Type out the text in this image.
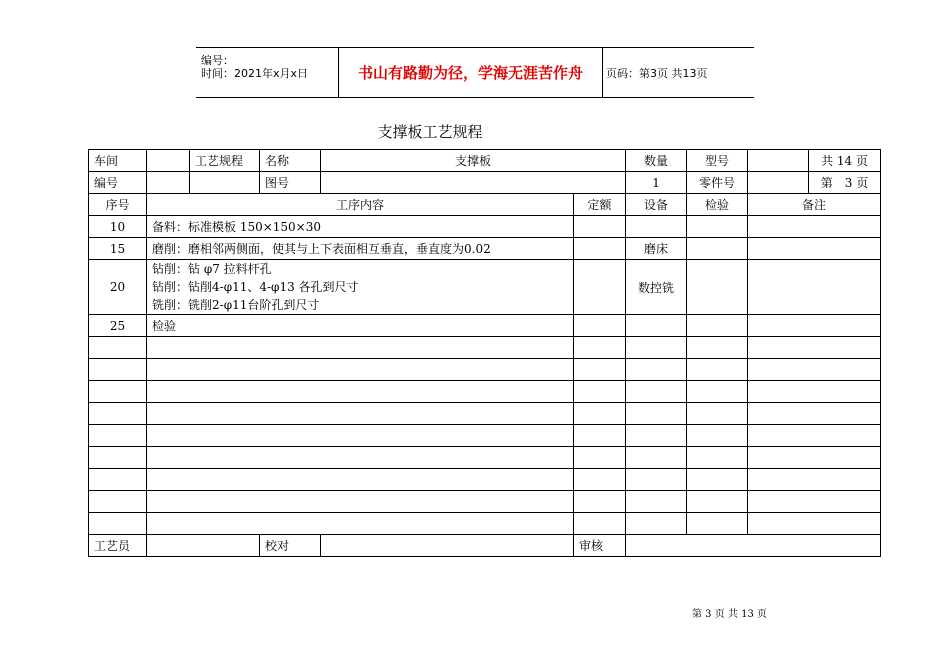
编号：
时间：2021年x月x日	书山有路勤为径，学海无涯苦作舟	页码：第3页 共13页
支撑板工艺规程
车间		工艺规程	名称	支撑板		数量	型号		共 14 页
编号			图号			1	零件号		第　3 页
序号	工序内容				定额	设备	检验	备注	
10	备料：标准模板 150×150×30								

15	磨削：磨相邻两侧面，使其与上下表面相互垂直，垂直度为0.02					磨床			
20	钻削：钻 φ7 拉料杆孔
钻削：钻削4-φ11、4-φ13 各孔到尺寸
铣削：铣削2-φ11台阶孔到尺寸					数控铣			
25	检验								

工艺员			校对		审核				
第 3 页 共 13 页
